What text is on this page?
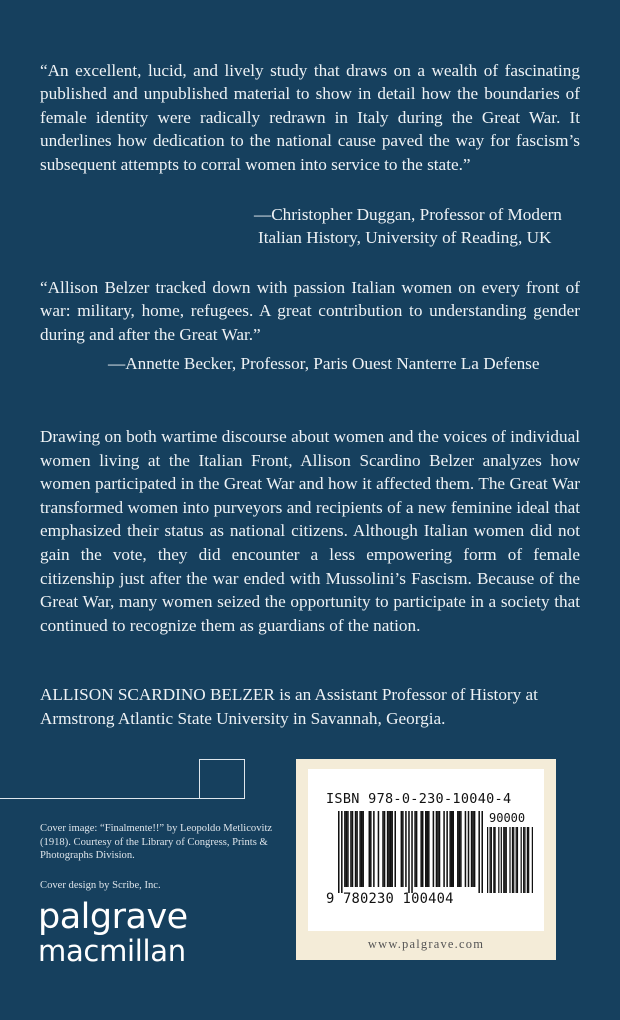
“An excellent, lucid, and lively study that draws on a wealth of fascinating published and unpublished material to show in detail how the boundaries of female identity were radically redrawn in Italy during the Great War. It underlines how dedication to the national cause paved the way for fascism’s subsequent attempts to corral women into service to the state.”

—Christopher Duggan, Professor of Modern
Italian History, University of Reading, UK

“Allison Belzer tracked down with passion Italian women on every front of war: military, home, refugees. A great contribution to understanding gender during and after the Great War.”

—Annette Becker, Professor, Paris Ouest Nanterre La Defense

Drawing on both wartime discourse about women and the voices of individual women living at the Italian Front, Allison Scardino Belzer analyzes how women participated in the Great War and how it affected them. The Great War transformed women into purveyors and recipients of a new feminine ideal that emphasized their status as national citizens. Although Italian women did not gain the vote, they did encounter a less empowering form of female citizenship just after the war ended with Mussolini’s Fascism. Because of the Great War, many women seized the opportunity to participate in a society that continued to recognize them as guardians of the nation.

ALLISON SCARDINO BELZER is an Assistant Professor of History at Armstrong Atlantic State University in Savannah, Georgia.

Cover image: “Finalmente!!” by Leopoldo Metlicovitz (1918). Courtesy of the Library of Congress, Prints & Photographs Division.

Cover design by Scribe, Inc.

palgrave
macmillan
ISBN 978-0-230-10040-4
90000
9 780230 100404
www.palgrave.com
